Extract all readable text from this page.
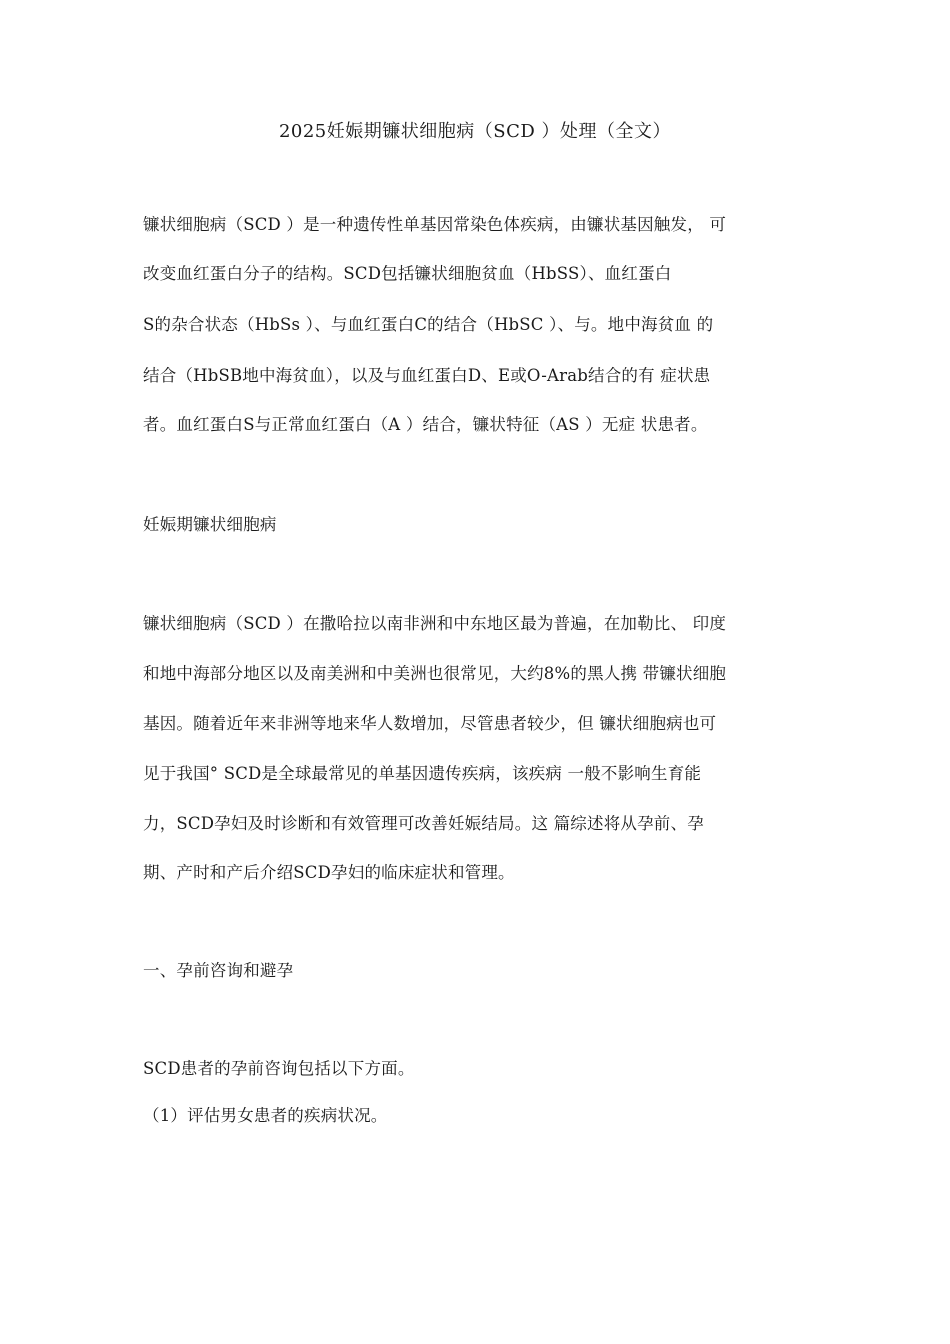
2025妊娠期镰状细胞病（SCD ）处理（全文）
镰状细胞病（SCD ）是一种遗传性单基因常染色体疾病，由镰状基因触发， 可
改变血红蛋白分子的结构。SCD包括镰状细胞贫血（HbSS）、血红蛋白
S的杂合状态（HbSs ）、与血红蛋白C的结合（HbSC ）、与。地中海贫血 的
结合（HbSB地中海贫血），以及与血红蛋白D、E或O-Arab结合的有 症状患
者。血红蛋白S与正常血红蛋白（A ）结合，镰状特征（AS ）无症 状患者。
妊娠期镰状细胞病
镰状细胞病（SCD ）在撒哈拉以南非洲和中东地区最为普遍，在加勒比、 印度
和地中海部分地区以及南美洲和中美洲也很常见，大约8%的黑人携 带镰状细胞
基因。随着近年来非洲等地来华人数增加，尽管患者较少，但 镰状细胞病也可
见于我国° SCD是全球最常见的单基因遗传疾病，该疾病 一般不影响生育能
力，SCD孕妇及时诊断和有效管理可改善妊娠结局。这 篇综述将从孕前、孕
期、产时和产后介绍SCD孕妇的临床症状和管理。
一、孕前咨询和避孕
SCD患者的孕前咨询包括以下方面。
（1）评估男女患者的疾病状况。
